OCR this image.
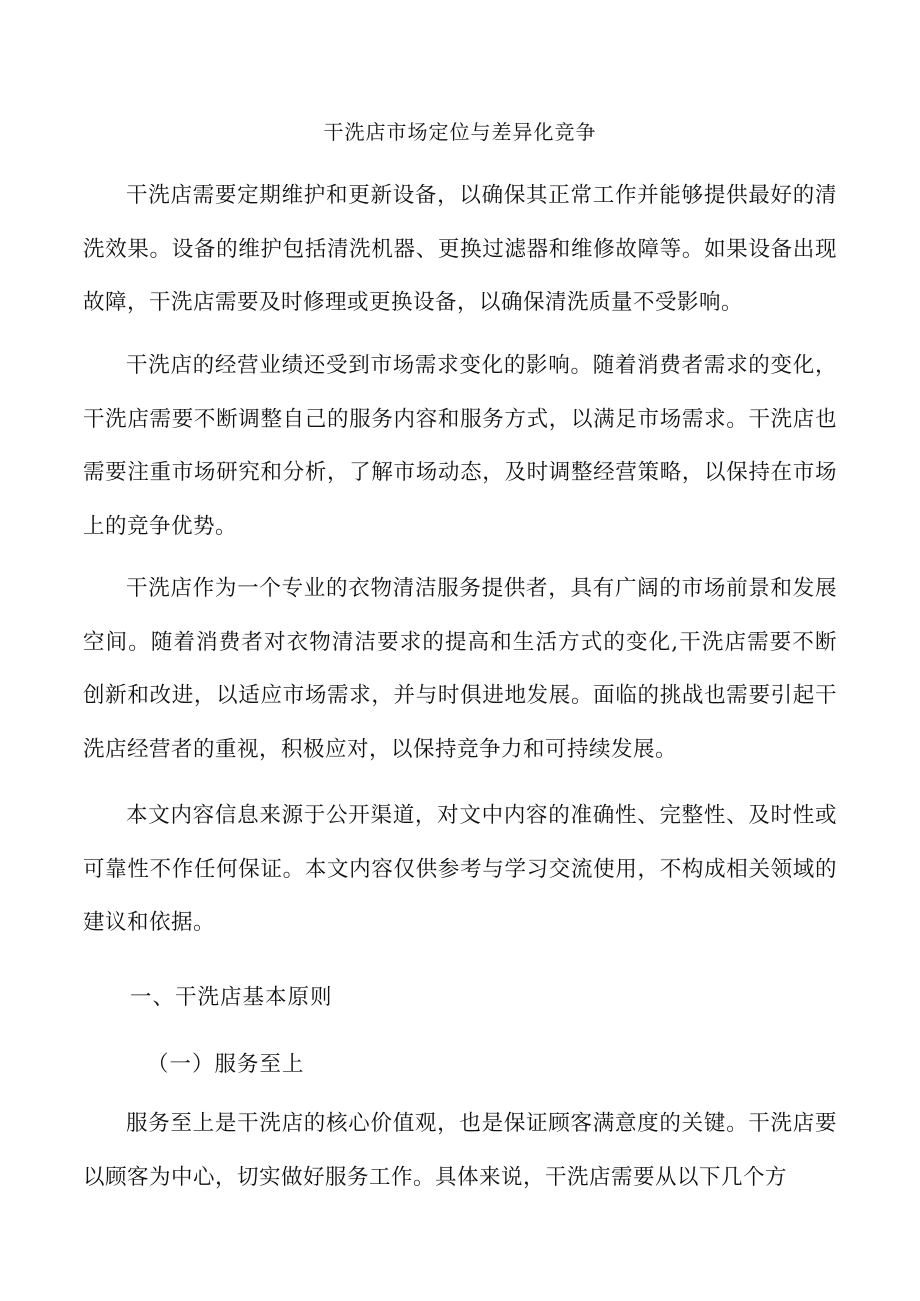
干洗店市场定位与差异化竞争

干洗店需要定期维护和更新设备，以确保其正常工作并能够提供最好的清洗效果。设备的维护包括清洗机器、更换过滤器和维修故障等。如果设备出现故障，干洗店需要及时修理或更换设备，以确保清洗质量不受影响。

干洗店的经营业绩还受到市场需求变化的影响。随着消费者需求的变化，干洗店需要不断调整自己的服务内容和服务方式，以满足市场需求。干洗店也需要注重市场研究和分析，了解市场动态，及时调整经营策略，以保持在市场上的竞争优势。

干洗店作为一个专业的衣物清洁服务提供者，具有广阔的市场前景和发展空间。随着消费者对衣物清洁要求的提高和生活方式的变化,干洗店需要不断创新和改进，以适应市场需求，并与时俱进地发展。面临的挑战也需要引起干洗店经营者的重视，积极应对，以保持竞争力和可持续发展。

本文内容信息来源于公开渠道，对文中内容的准确性、完整性、及时性或可靠性不作任何保证。本文内容仅供参考与学习交流使用，不构成相关领域的建议和依据。

一、干洗店基本原则
（一）服务至上

服务至上是干洗店的核心价值观，也是保证顾客满意度的关键。干洗店要以顾客为中心，切实做好服务工作。具体来说，干洗店需要从以下几个方
